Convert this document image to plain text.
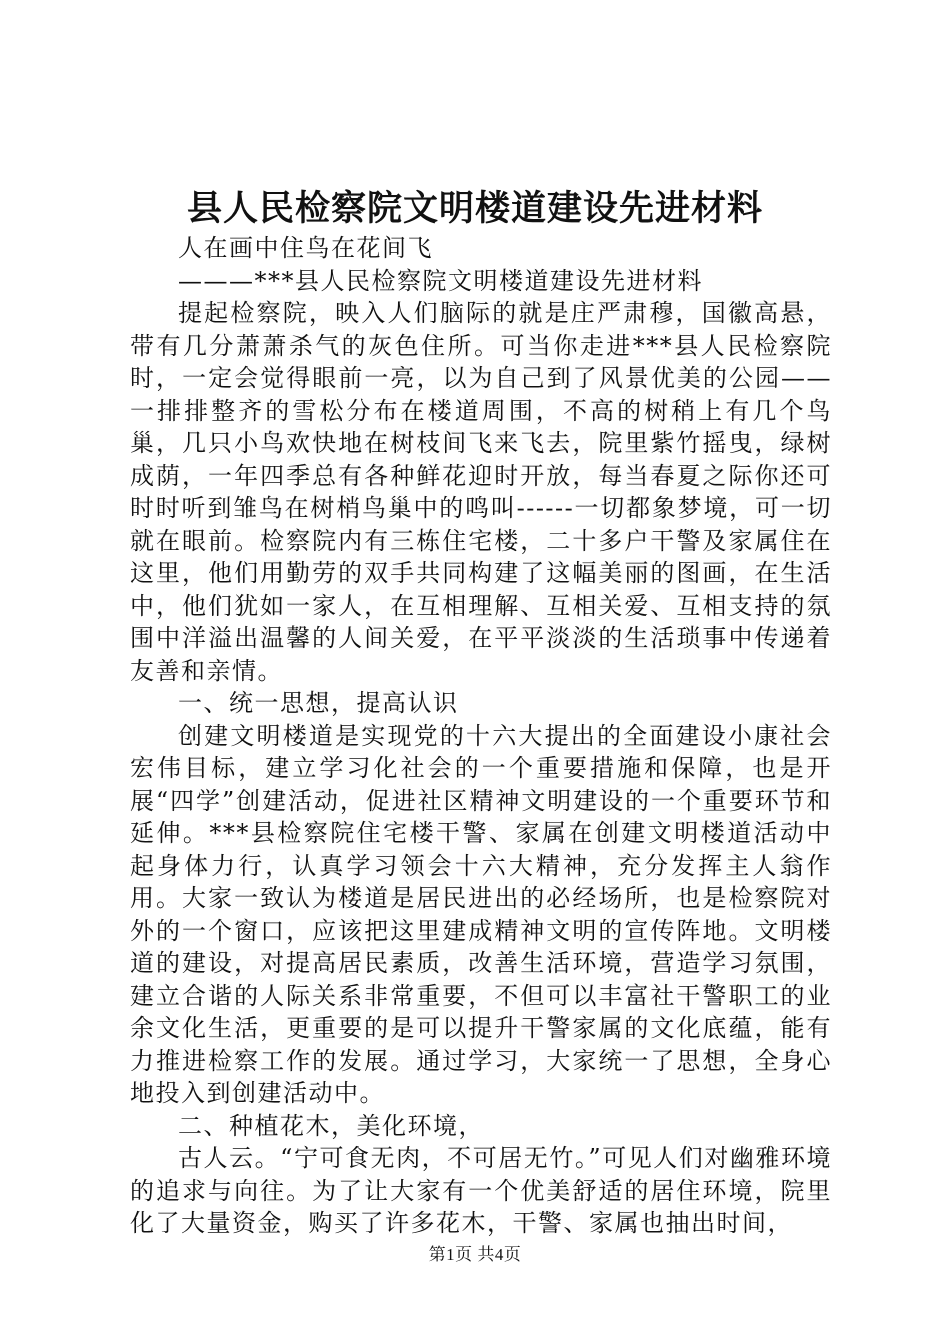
县人民检察院文明楼道建设先进材料

人在画中住鸟在花间飞

———***县人民检察院文明楼道建设先进材料

提起检察院，映入人们脑际的就是庄严肃穆，国徽高悬，带有几分萧萧杀气的灰色住所。可当你走进***县人民检察院时，一定会觉得眼前一亮，以为自己到了风景优美的公园——一排排整齐的雪松分布在楼道周围，不高的树稍上有几个鸟巢，几只小鸟欢快地在树枝间飞来飞去，院里紫竹摇曳，绿树成荫，一年四季总有各种鲜花迎时开放，每当春夏之际你还可时时听到雏鸟在树梢鸟巢中的鸣叫------一切都象梦境，可一切就在眼前。检察院内有三栋住宅楼，二十多户干警及家属住在这里，他们用勤劳的双手共同构建了这幅美丽的图画，在生活中，他们犹如一家人，在互相理解、互相关爱、互相支持的氛围中洋溢出温馨的人间关爱，在平平淡淡的生活琐事中传递着友善和亲情。

一、统一思想，提高认识

创建文明楼道是实现党的十六大提出的全面建设小康社会宏伟目标，建立学习化社会的一个重要措施和保障，也是开展“四学”创建活动，促进社区精神文明建设的一个重要环节和延伸。***县检察院住宅楼干警、家属在创建文明楼道活动中起身体力行，认真学习领会十六大精神，充分发挥主人翁作用。大家一致认为楼道是居民进出的必经场所，也是检察院对外的一个窗口，应该把这里建成精神文明的宣传阵地。文明楼道的建设，对提高居民素质，改善生活环境，营造学习氛围，建立合谐的人际关系非常重要，不但可以丰富社干警职工的业余文化生活，更重要的是可以提升干警家属的文化底蕴，能有力推进检察工作的发展。通过学习，大家统一了思想，全身心地投入到创建活动中。

二、种植花木，美化环境，

古人云。“宁可食无肉，不可居无竹。”可见人们对幽雅环境的追求与向往。为了让大家有一个优美舒适的居住环境，院里化了大量资金，购买了许多花木，干警、家属也抽出时间，

第1页 共4页
